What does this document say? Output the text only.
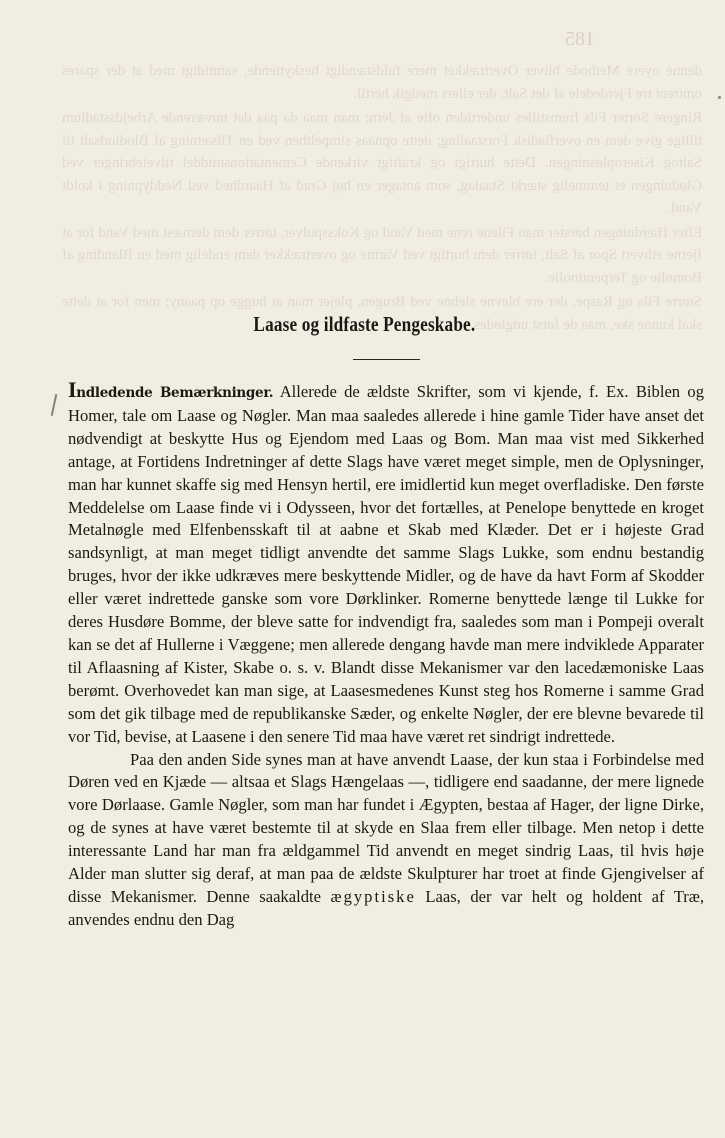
185

denne nyere Methode bliver Overtrækket mere fuldstændigt beskyttende, samtidigt med at der spares omtrent tre Fjerdedele af det Salt, der ellers medgik hertil.

Ringere Sorter Fils fremstilles undertiden ofte af Jern; man maa da paa det nuværende Arbejdsstadium tillige give dem en overfladisk Forstaaling; dette opnaas simpelthen ved en Tilsætning af Blodludsalt til Saltog Kiseropløsningen. Dette hurtigt og kraftigt virkende Cementationsmiddel tilveiebringer ved Gløduingen et temmelig stærkt Staalag, som antager en høj Grad af Haardhed ved Neddypning i koldt Vand.

Efter Hærdningen børster man Filene rene med Vand og Koksspulver, tørrer dem dernæst med Vand for at fjerne ethvert Spor af Salt, tørrer dem hurtigt ved Varme og overtrækker dem endelig med en Blanding af Bomolie og Terpentinolie.

Større Fils og Raspe, der ere blevne slebne ved Brugen, plejer man at hugge op paany; men for at dette skal kunne ske, maa de først udglødes.

Laase og ildfaste Pengeskabe.

Indledende Bemærkninger. Allerede de ældste Skrifter, som vi kjende, f. Ex. Biblen og Homer, tale om Laase og Nøgler. Man maa saaledes allerede i hine gamle Tider have anset det nødvendigt at beskytte Hus og Ejendom med Laas og Bom. Man maa vist med Sikkerhed antage, at Fortidens Indretninger af dette Slags have været meget simple, men de Oplysninger, man har kunnet skaffe sig med Hensyn hertil, ere imidlertid kun meget overfladiske. Den første Meddelelse om Laase finde vi i Odysseen, hvor det fortælles, at Penelope benyttede en kroget Metalnøgle med Elfenbensskaft til at aabne et Skab med Klæder. Det er i højeste Grad sandsynligt, at man meget tidligt anvendte det samme Slags Lukke, som endnu bestandig bruges, hvor der ikke udkræves mere beskyttende Midler, og de have da havt Form af Skodder eller været indrettede ganske som vore Dørklinker. Romerne benyttede længe til Lukke for deres Husdøre Bomme, der bleve satte for indvendigt fra, saaledes som man i Pompeji overalt kan se det af Hullerne i Væggene; men allerede dengang havde man mere indviklede Apparater til Aflaasning af Kister, Skabe o. s. v. Blandt disse Mekanismer var den lacedæmoniske Laas berømt. Overhovedet kan man sige, at Laasesmedenes Kunst steg hos Romerne i samme Grad som det gik tilbage med de republikanske Sæder, og enkelte Nøgler, der ere blevne bevarede til vor Tid, bevise, at Laasene i den senere Tid maa have været ret sindrigt indrettede.

Paa den anden Side synes man at have anvendt Laase, der kun staa i Forbindelse med Døren ved en Kjæde — altsaa et Slags Hængelaas —, tidligere end saadanne, der mere lignede vore Dørlaase. Gamle Nøgler, som man har fundet i Ægypten, bestaa af Hager, der ligne Dirke, og de synes at have været bestemte til at skyde en Slaa frem eller tilbage. Men netop i dette interessante Land har man fra ældgammel Tid anvendt en meget sindrig Laas, til hvis høje Alder man slutter sig deraf, at man paa de ældste Skulpturer har troet at finde Gjengivelser af disse Mekanismer. Denne saakaldte ægyptiske Laas, der var helt og holdent af Træ, anvendes endnu den Dag
